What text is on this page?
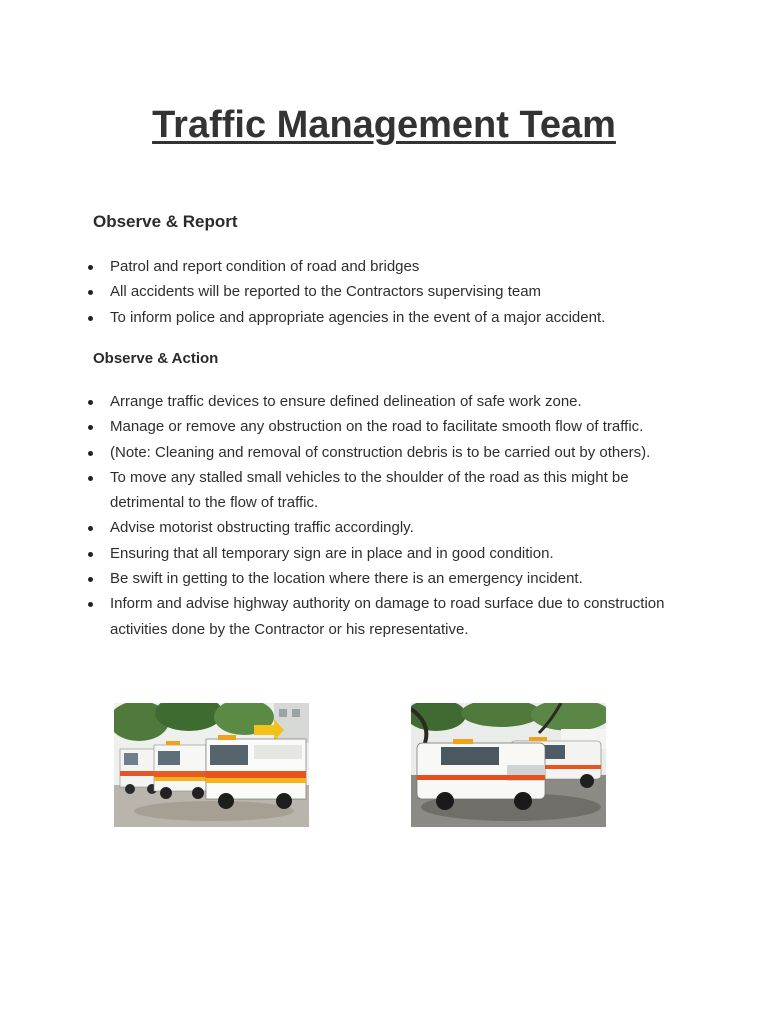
Traffic Management Team
Observe & Report
Patrol and report condition of road and bridges
All accidents will be reported to the Contractors supervising team
To inform police and appropriate agencies in the event of a major accident.
Observe & Action
Arrange traffic devices to ensure defined delineation of safe work zone.
Manage or remove any obstruction on the road to facilitate smooth flow of traffic.
(Note: Cleaning and removal of construction debris is to be carried out by others).
To move any stalled small vehicles to the shoulder of the road as this might be detrimental to the flow of traffic.
Advise motorist obstructing traffic accordingly.
Ensuring that all temporary sign are in place and in good condition.
Be swift in getting to the location where there is an emergency incident.
Inform and advise highway authority on damage to road surface due to construction activities done by the Contractor or his representative.
